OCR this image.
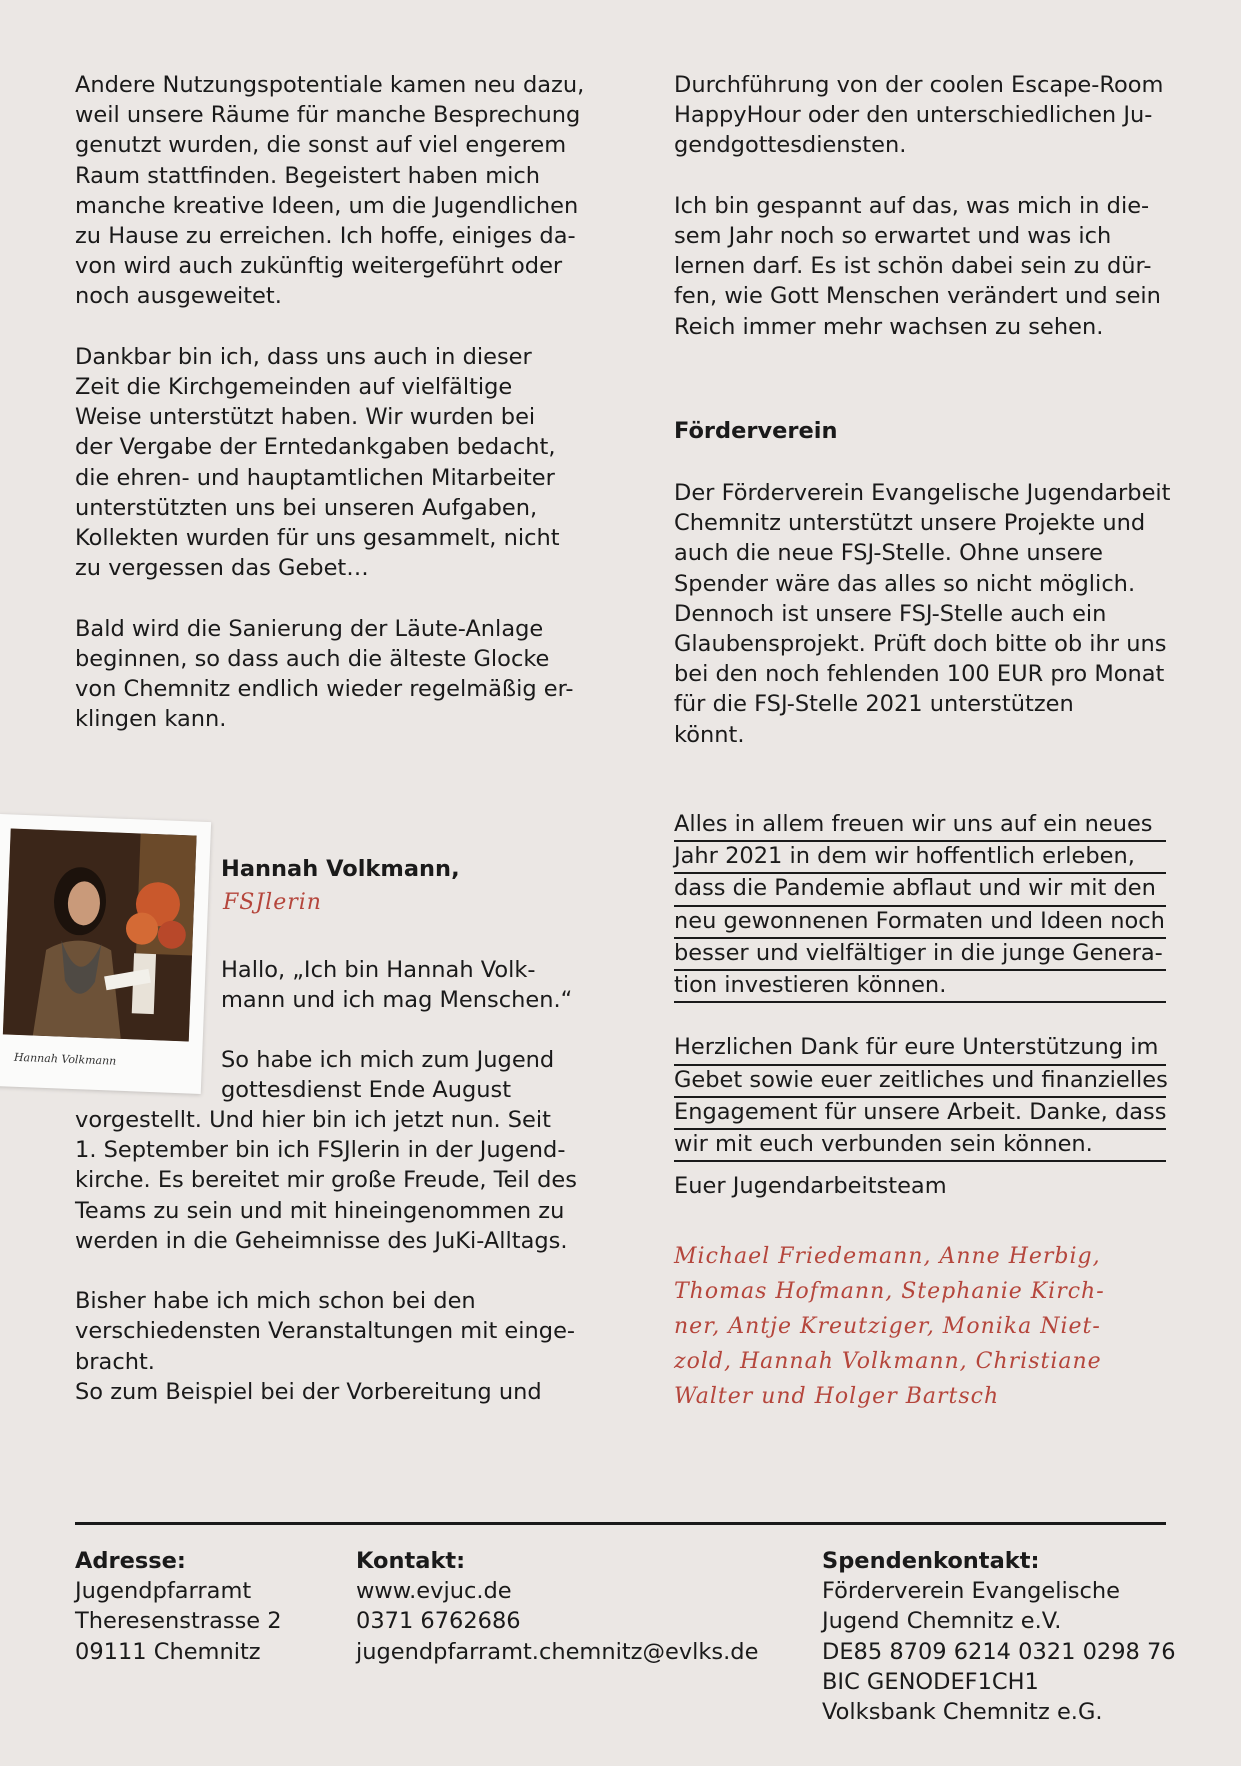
Andere Nutzungspotentiale kamen neu dazu,
weil unsere Räume für manche Besprechung
genutzt wurden, die sonst auf viel engerem
Raum stattfinden. Begeistert haben mich
manche kreative Ideen, um die Jugendlichen
zu Hause zu erreichen. Ich hoffe, einiges da-
von wird auch zukünftig weitergeführt oder
noch ausgeweitet.

Dankbar bin ich, dass uns auch in dieser
Zeit die Kirchgemeinden auf vielfältige
Weise unterstützt haben. Wir wurden bei
der Vergabe der Erntedankgaben bedacht,
die ehren- und hauptamtlichen Mitarbeiter
unterstützten uns bei unseren Aufgaben,
Kollekten wurden für uns gesammelt, nicht
zu vergessen das Gebet…

Bald wird die Sanierung der Läute-Anlage
beginnen, so dass auch die älteste Glocke
von Chemnitz endlich wieder regelmäßig er-
klingen kann.

Durchführung von der coolen Escape-Room
HappyHour oder den unterschiedlichen Ju-
gendgottesdiensten.

Ich bin gespannt auf das, was mich in die-
sem Jahr noch so erwartet und was ich
lernen darf. Es ist schön dabei sein zu dür-
fen, wie Gott Menschen verändert und sein
Reich immer mehr wachsen zu sehen.

Förderverein

Der Förderverein Evangelische Jugendarbeit
Chemnitz unterstützt unsere Projekte und
auch die neue FSJ-Stelle. Ohne unsere
Spender wäre das alles so nicht möglich.
Dennoch ist unsere FSJ-Stelle auch ein
Glaubensprojekt. Prüft doch bitte ob ihr uns
bei den noch fehlenden 100 EUR pro Monat
für die FSJ-Stelle 2021 unterstützen
könnt.

Hannah Volkmann
Hannah Volkmann,
FSJlerin

Hallo, „Ich bin Hannah Volk-
mann und ich mag Menschen.“

So habe ich mich zum Jugend
gottesdienst Ende August

vorgestellt. Und hier bin ich jetzt nun. Seit
1. September bin ich FSJlerin in der Jugend-
kirche. Es bereitet mir große Freude, Teil des
Teams zu sein und mit hineingenommen zu
werden in die Geheimnisse des JuKi-Alltags.

Bisher habe ich mich schon bei den
verschiedensten Veranstaltungen mit einge-
bracht.
So zum Beispiel bei der Vorbereitung und

Alles in allem freuen wir uns auf ein neues
Jahr 2021 in dem wir hoffentlich erleben,
dass die Pandemie abflaut und wir mit den
neu gewonnenen Formaten und Ideen noch
besser und vielfältiger in die junge Genera-
tion investieren können.
Herzlichen Dank für eure Unterstützung im
Gebet sowie euer zeitliches und finanzielles
Engagement für unsere Arbeit. Danke, dass
wir mit euch verbunden sein können.
Euer Jugendarbeitsteam
Michael Friedemann, Anne Herbig,
Thomas Hofmann, Stephanie Kirch-
ner, Antje Kreutziger, Monika Niet-
zold, Hannah Volkmann, Christiane
Walter und Holger Bartsch
Adresse:
Jugendpfarramt
Theresenstrasse 2
09111 Chemnitz
Kontakt:
www.evjuc.de
0371 6762686
jugendpfarramt.chemnitz@evlks.de
Spendenkontakt:
Förderverein Evangelische
Jugend Chemnitz e.V.
DE85 8709 6214 0321 0298 76
BIC GENODEF1CH1
Volksbank Chemnitz e.G.
